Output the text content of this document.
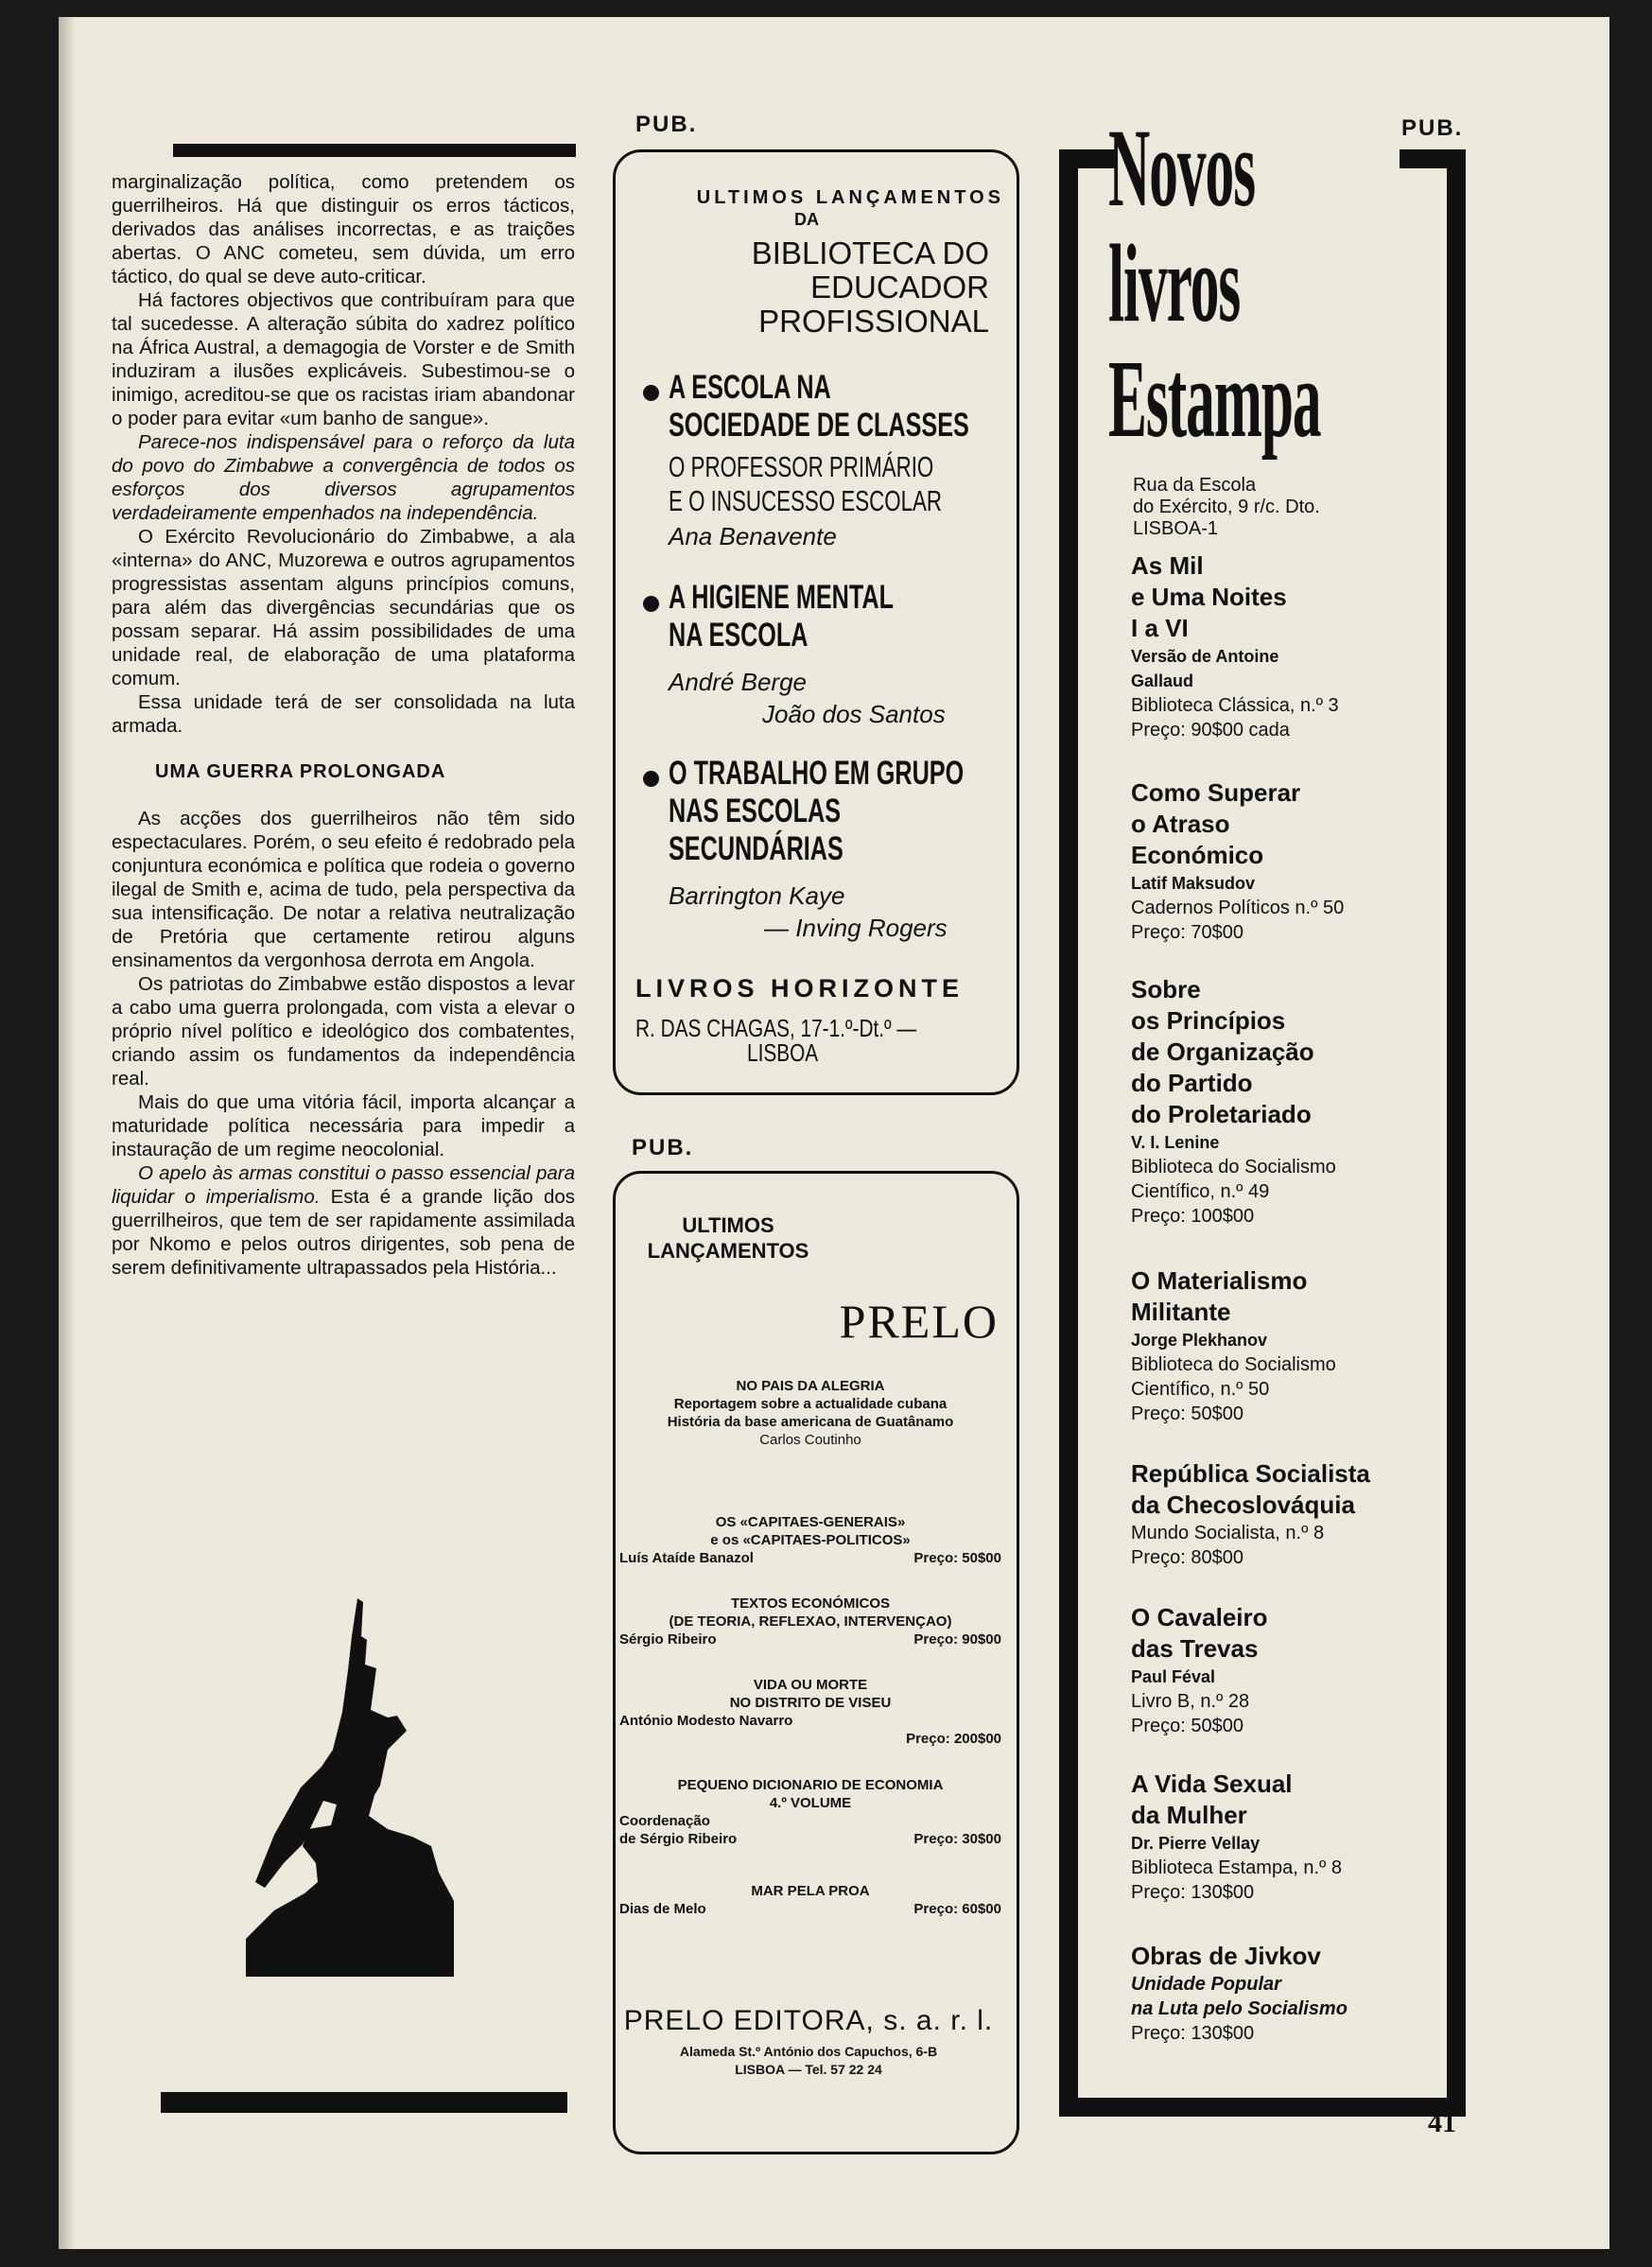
marginalização política, como pretendem os guerrilheiros. Há que distinguir os erros tácticos, derivados das análises incorrectas, e as traições abertas. O ANC cometeu, sem dúvida, um erro táctico, do qual se deve auto-criticar.

Há factores objectivos que contribuíram para que tal sucedesse. A alteração súbita do xadrez político na África Austral, a demagogia de Vorster e de Smith induziram a ilusões explicáveis. Subestimou-se o inimigo, acreditou-se que os racistas iriam abandonar o poder para evitar «um banho de sangue».

Parece-nos indispensável para o reforço da luta do povo do Zimbabwe a convergência de todos os esforços dos diversos agrupamentos verdadeiramente empenhados na independência.

O Exército Revolucionário do Zimbabwe, a ala «interna» do ANC, Muzorewa e outros agrupamentos progressistas assentam alguns princípios comuns, para além das divergências secundárias que os possam separar. Há assim possibilidades de uma unidade real, de elaboração de uma plataforma comum.

Essa unidade terá de ser consolidada na luta armada.

UMA GUERRA PROLONGADA

As acções dos guerrilheiros não têm sido espectaculares. Porém, o seu efeito é redobrado pela conjuntura económica e política que rodeia o governo ilegal de Smith e, acima de tudo, pela perspectiva da sua intensificação. De notar a relativa neutralização de Pretória que certamente retirou alguns ensinamentos da vergonhosa derrota em Angola.

Os patriotas do Zimbabwe estão dispostos a levar a cabo uma guerra prolongada, com vista a elevar o próprio nível político e ideológico dos combatentes, criando assim os fundamentos da independência real.

Mais do que uma vitória fácil, importa alcançar a maturidade política necessária para impedir a instauração de um regime neocolonial.

O apelo às armas constitui o passo essencial para liquidar o imperialismo. Esta é a grande lição dos guerrilheiros, que tem de ser rapidamente assimilada por Nkomo e pelos outros dirigentes, sob pena de serem definitivamente ultrapassados pela História...

PUB.
PUB.
PUB.
ULTIMOS LANÇAMENTOS
DA
BIBLIOTECA DO
EDUCADOR
PROFISSIONAL
A ESCOLA NA
SOCIEDADE DE CLASSES
O PROFESSOR PRIMÁRIO
E O INSUCESSO ESCOLAR
Ana Benavente
A HIGIENE MENTAL
NA ESCOLA
André Berge
João dos Santos
O TRABALHO EM GRUPO
NAS ESCOLAS
SECUNDÁRIAS
Barrington Kaye
— Inving Rogers
LIVROS HORIZONTE
R. DAS CHAGAS, 17-1.º-Dt.º —
LISBOA
ULTIMOS
LANÇAMENTOS
PRELO
NO PAIS DA ALEGRIA
Reportagem sobre a actualidade cubana
História da base americana de Guatânamo
Carlos Coutinho
OS «CAPITAES-GENERAIS»
e os «CAPITAES-POLITICOS»
Luís Ataíde Banazol	Preço: 50$00
TEXTOS ECONÓMICOS
(DE TEORIA, REFLEXAO, INTERVENÇAO)
Sérgio Ribeiro	Preço: 90$00
VIDA OU MORTE
NO DISTRITO DE VISEU
António Modesto Navarro
Preço: 200$00
PEQUENO DICIONARIO DE ECONOMIA
4.º VOLUME
Coordenação
de Sérgio Ribeiro	Preço: 30$00
MAR PELA PROA
Dias de Melo	Preço: 60$00
PRELO EDITORA, s. a. r. l.
Alameda St.º António dos Capuchos, 6-B
LISBOA — Tel. 57 22 24
Novos
livros
Estampa
Rua da Escola
do Exército, 9 r/c. Dto.
LISBOA-1
As Mil
e Uma Noites
I a VI
Versão de Antoine
Gallaud
Biblioteca Clássica, n.º 3
Preço: 90$00 cada
Como Superar
o Atraso
Económico
Latif Maksudov
Cadernos Políticos n.º 50
Preço: 70$00
Sobre
os Princípios
de Organização
do Partido
do Proletariado
V. I. Lenine
Biblioteca do Socialismo
Científico, n.º 49
Preço: 100$00
O Materialismo
Militante
Jorge Plekhanov
Biblioteca do Socialismo
Científico, n.º 50
Preço: 50$00
República Socialista
da Checoslováquia
Mundo Socialista, n.º 8
Preço: 80$00
O Cavaleiro
das Trevas
Paul Féval
Livro B, n.º 28
Preço: 50$00
A Vida Sexual
da Mulher
Dr. Pierre Vellay
Biblioteca Estampa, n.º 8
Preço: 130$00
Obras de Jivkov
Unidade Popular
na Luta pelo Socialismo
Preço: 130$00
41
